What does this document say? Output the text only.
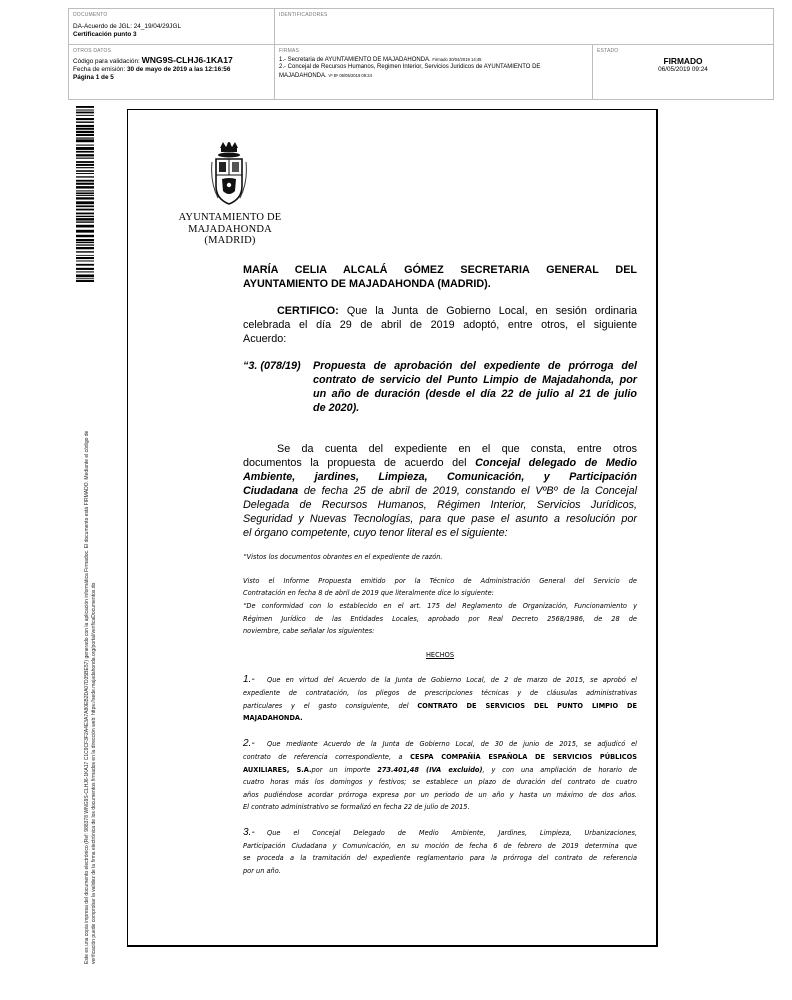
DOCUMENTO
DA-Acuerdo de JGL: 24_19/04/29JGL
Certificación punto 3
IDENTIFICADORES
OTROS DATOS
Código para validación: WNG9S-CLHJ6-1KA17
Fecha de emisión: 30 de mayo de 2019 a las 12:16:56
Página 1 de 5
FIRMAS
1.- Secretaria de AYUNTAMIENTO DE MAJADAHONDA. Firmado 30/04/2019 14:45
2.- Concejal de Recursos Humanos, Regimen Interior, Servicios Juridicos de AYUNTAMIENTO DE MAJADAHONDA. Vº Bº 06/05/2019 09:24
ESTADO
FIRMADO
06/05/2019 09:24
Este es una copia impresa del documento electrónico (Ref: 988378 WNG9S-CLHJ6-1KA17 C1C9CF3F2A4E3A7A80EB2DA07D35BE57) generado con la aplicación informática Firmadoc. El documento está FIRMADO. Mediante el código de verificación puede comprobar la validez de la firma electrónica de los documentos firmados en la dirección web: https://sede.majadahonda.org/portal/verificaDocumentos.do
AYUNTAMIENTO DE
MAJADAHONDA
(MADRID)
MARÍA CELIA ALCALÁ GÓMEZ SECRETARIA GENERAL DEL
AYUNTAMIENTO DE MAJADAHONDA (MADRID).
CERTIFICO: Que la Junta de Gobierno Local, en sesión ordinaria
celebrada el día 29 de abril de 2019 adoptó, entre otros, el siguiente
Acuerdo:
“3. (078/19)	Propuesta de aprobación del expediente de prórroga del
contrato de servicio del Punto Limpio de Majadahonda, por
un año de duración (desde el día 22 de julio al 21 de julio
de 2020).
Se da cuenta del expediente en el que consta, entre otros
documentos la propuesta de acuerdo del Concejal delegado de Medio
Ambiente, jardines, Limpieza, Comunicación, y Participación
Ciudadana de fecha 25 de abril de 2019, constando el VºBº de la Concejal
Delegada de Recursos Humanos, Régimen Interior, Servicios Jurídicos,
Seguridad y Nuevas Tecnologías, para que pase el asunto a resolución por
el órgano competente, cuyo tenor literal es el siguiente:
“Vistos los documentos obrantes en el expediente de razón.
Visto el Informe Propuesta emitido por la Técnico de Administración General del Servicio de
Contratación en fecha 8 de abril de 2019 que literalmente dice lo siguiente:
“De conformidad con lo establecido en el art. 175 del Reglamento de Organización, Funcionamiento y
Régimen Jurídico de las Entidades Locales, aprobado por Real Decreto 2568/1986, de 28 de
noviembre, cabe señalar los siguientes:
HECHOS
Que en virtud del Acuerdo de la Junta de Gobierno Local, de 2 de marzo de 2015, se aprobó el
1.-
expediente de contratación, los pliegos de prescripciones técnicas y de cláusulas administrativas
particulares y el gasto consiguiente, del CONTRATO DE SERVICIOS DEL PUNTO LIMPIO DE
MAJADAHONDA.
2.-	Que mediante Acuerdo de la Junta de Gobierno Local, de 30 de junio de 2015, se adjudicó el
contrato de referencia correspondiente, a CESPA COMPAÑÍA ESPAÑOLA DE SERVICIOS PÚBLICOS
AUXILIARES, S.A.por un importe 273.401,48 (IVA excluido), y con una ampliación de horario de
cuatro horas más los domingos y festivos; se establece un plazo de duración del contrato de cuatro
años pudiéndose acordar prórroga expresa por un periodo de un año y hasta un máximo de dos años.
El contrato administrativo se formalizó en fecha 22 de julio de 2015.
3.-	Que el Concejal Delegado de Medio Ambiente, Jardines, Limpieza, Urbanizaciones,
Participación Ciudadana y Comunicación, en su moción de fecha 6 de febrero de 2019 determina que
se proceda a la tramitación del expediente reglamentario para la prórroga del contrato de referencia
por un año.
